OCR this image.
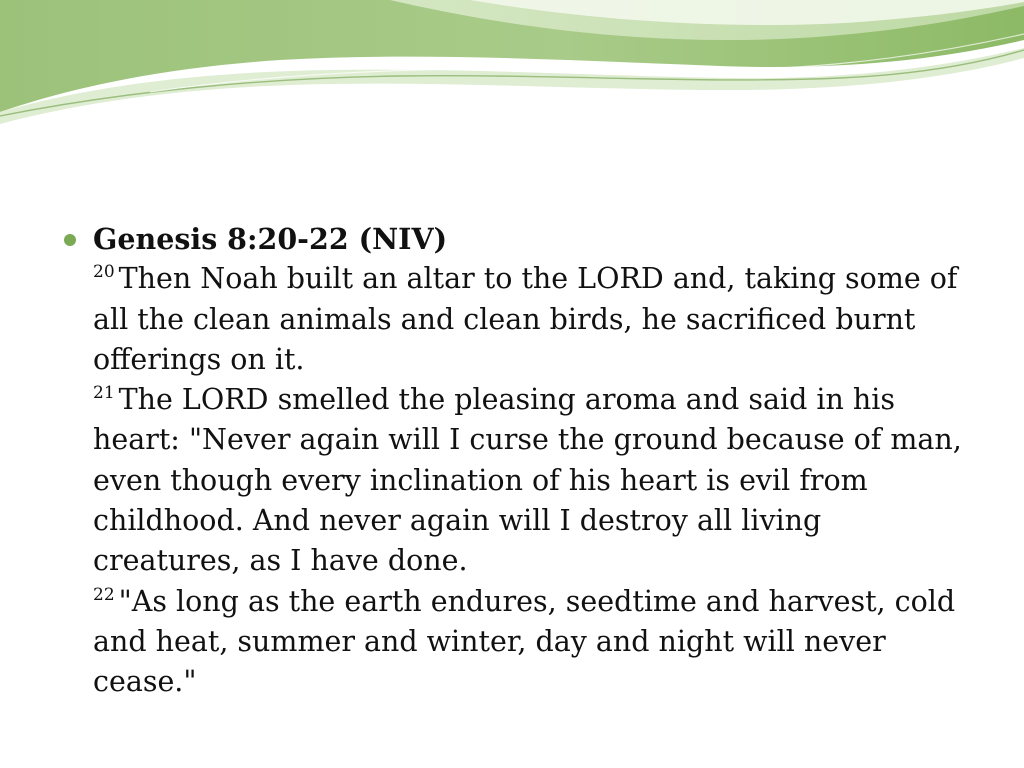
Genesis 8:20-22 (NIV)
$^{20}$ Then Noah built an altar to the LORD and, taking some of all the clean animals and clean birds, he sacrificed burnt offerings on it.
$^{21}$ The LORD smelled the pleasing aroma and said in his heart: "Never again will I curse the ground because of man, even though every inclination of his heart is evil from childhood. And never again will I destroy all living creatures, as I have done.
$^{22}$ "As long as the earth endures, seedtime and harvest, cold and heat, summer and winter, day and night will never cease."
